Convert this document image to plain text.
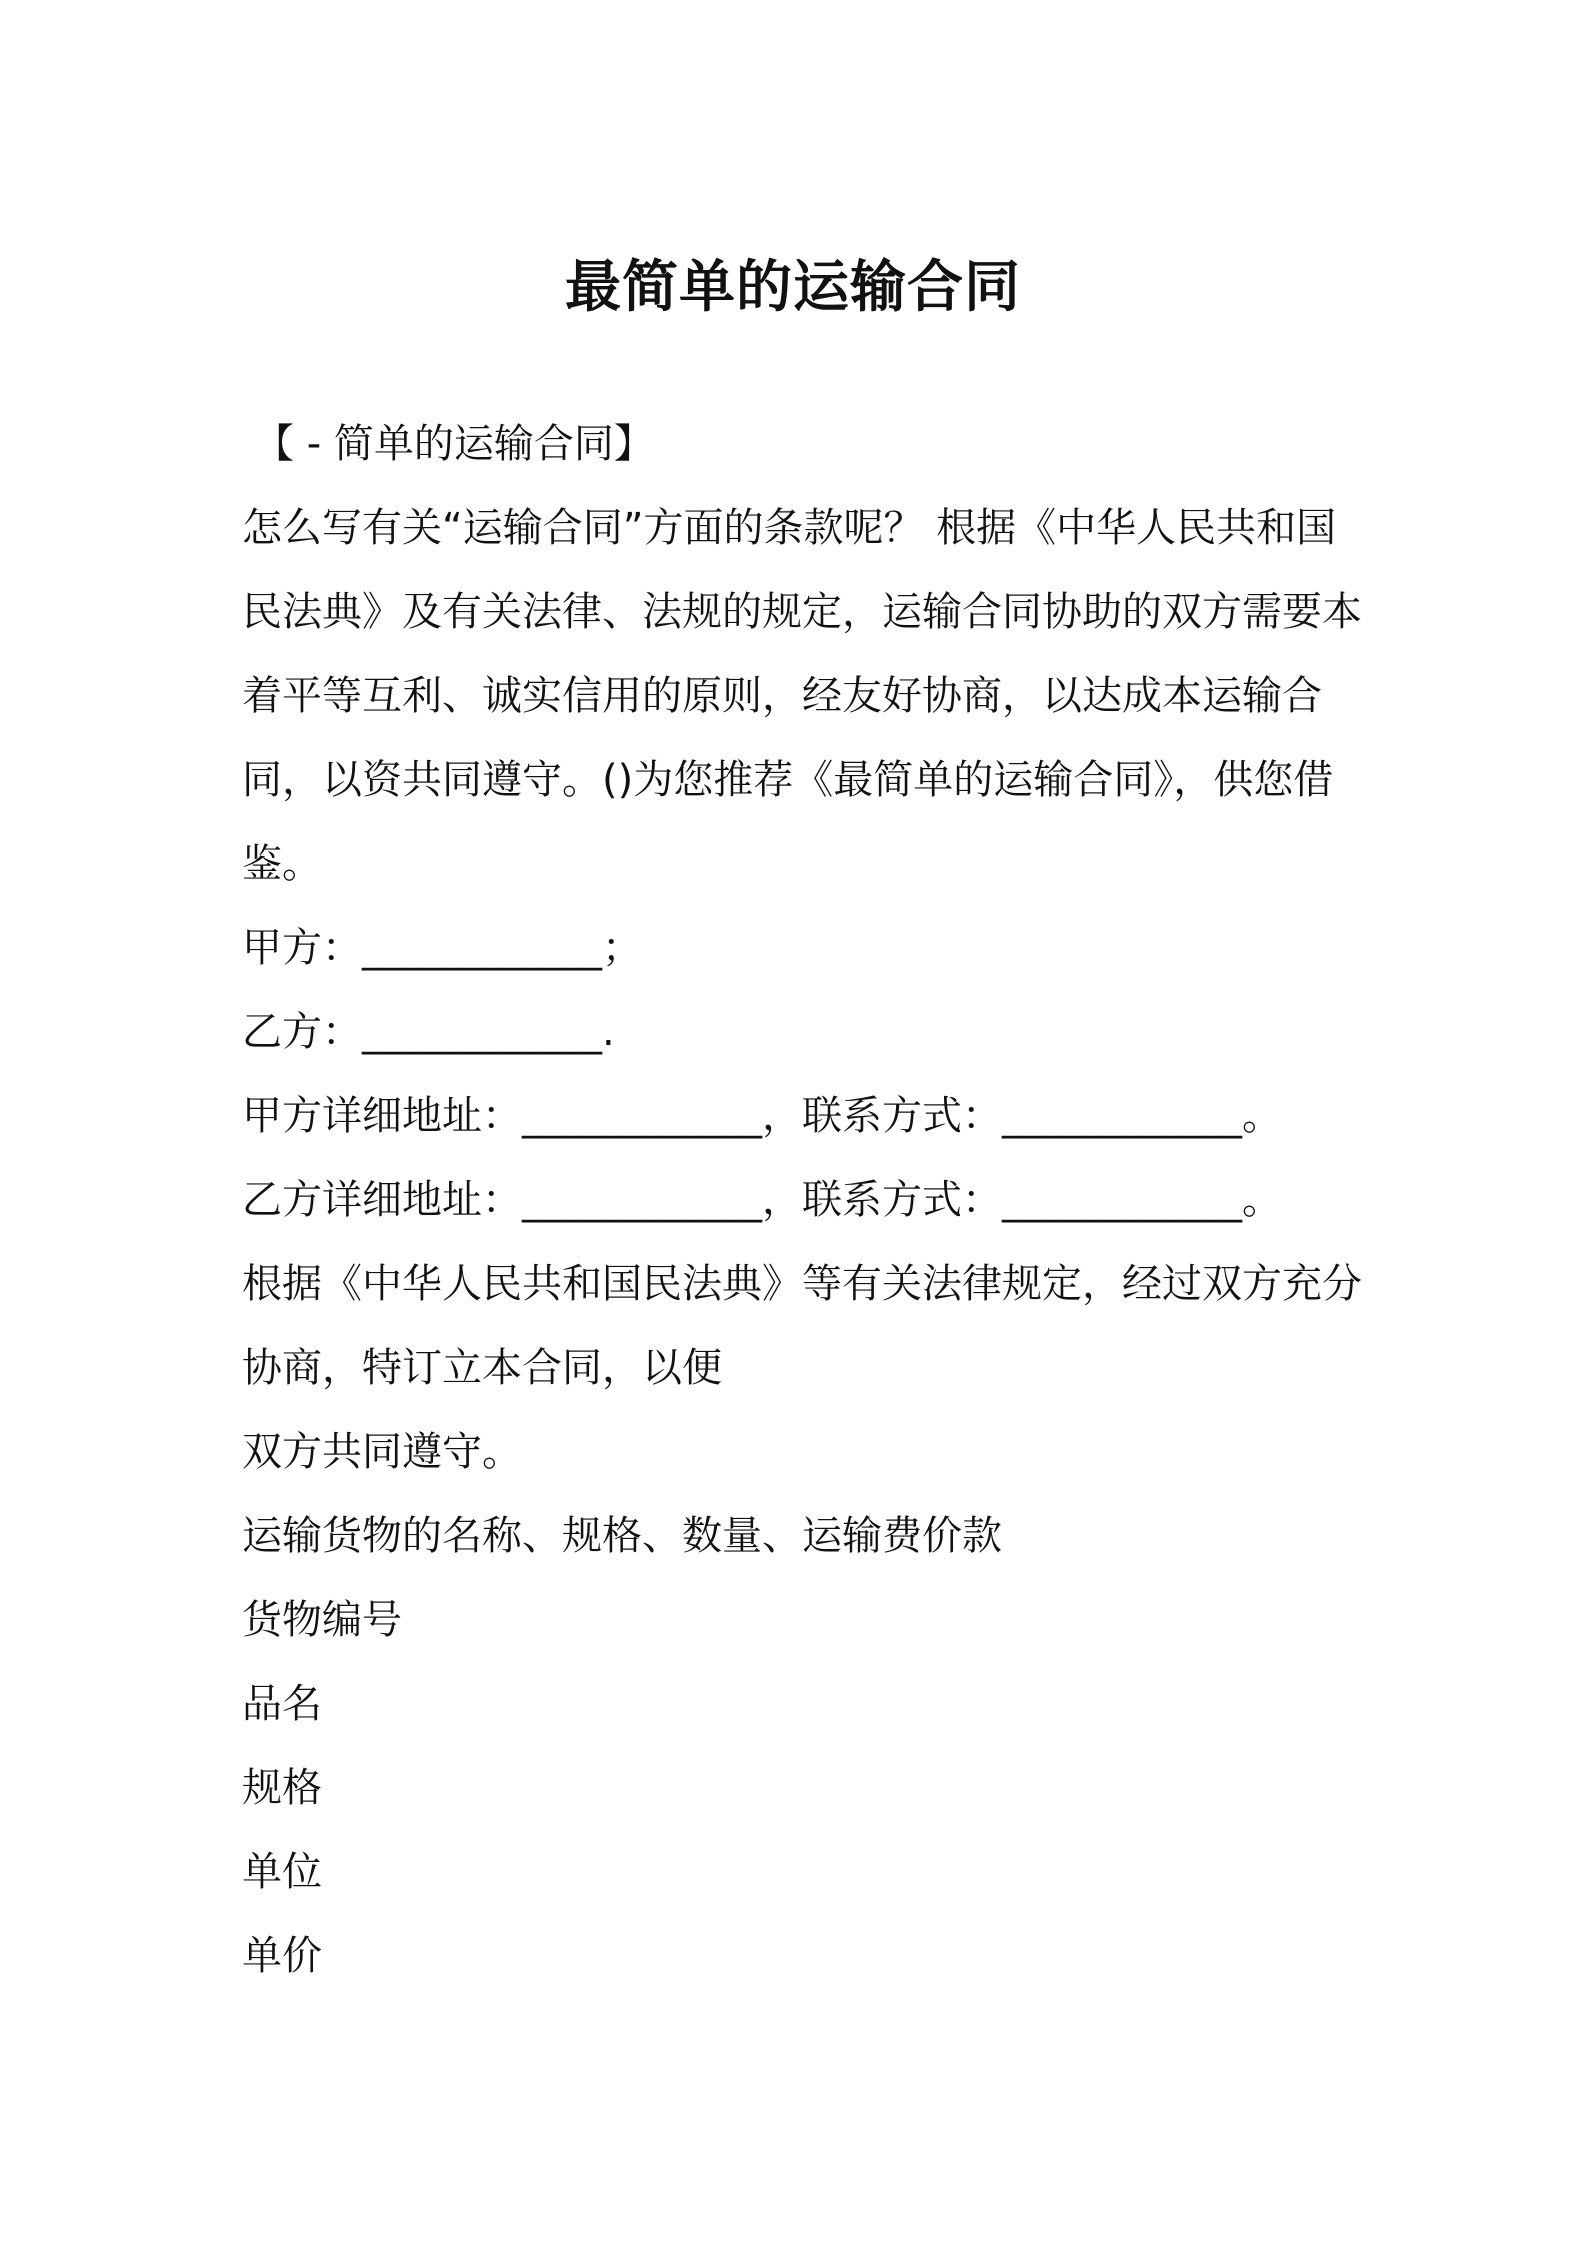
最简单的运输合同

【 - 简单的运输合同】

怎么写有关“运输合同”方面的条款呢？ 根据《中华人民共和国民法典》及有关法律、法规的规定，运输合同协助的双方需要本着平等互利、诚实信用的原则，经友好协商，以达成本运输合同，以资共同遵守。()为您推荐《最简单的运输合同》，供您借鉴。

甲方：____________；

乙方：____________.

甲方详细地址：____________，联系方式：____________。

乙方详细地址：____________，联系方式：____________。

根据《中华人民共和国民法典》等有关法律规定，经过双方充分协商，特订立本合同，以便

双方共同遵守。

运输货物的名称、规格、数量、运输费价款

货物编号

品名

规格

单位

单价
